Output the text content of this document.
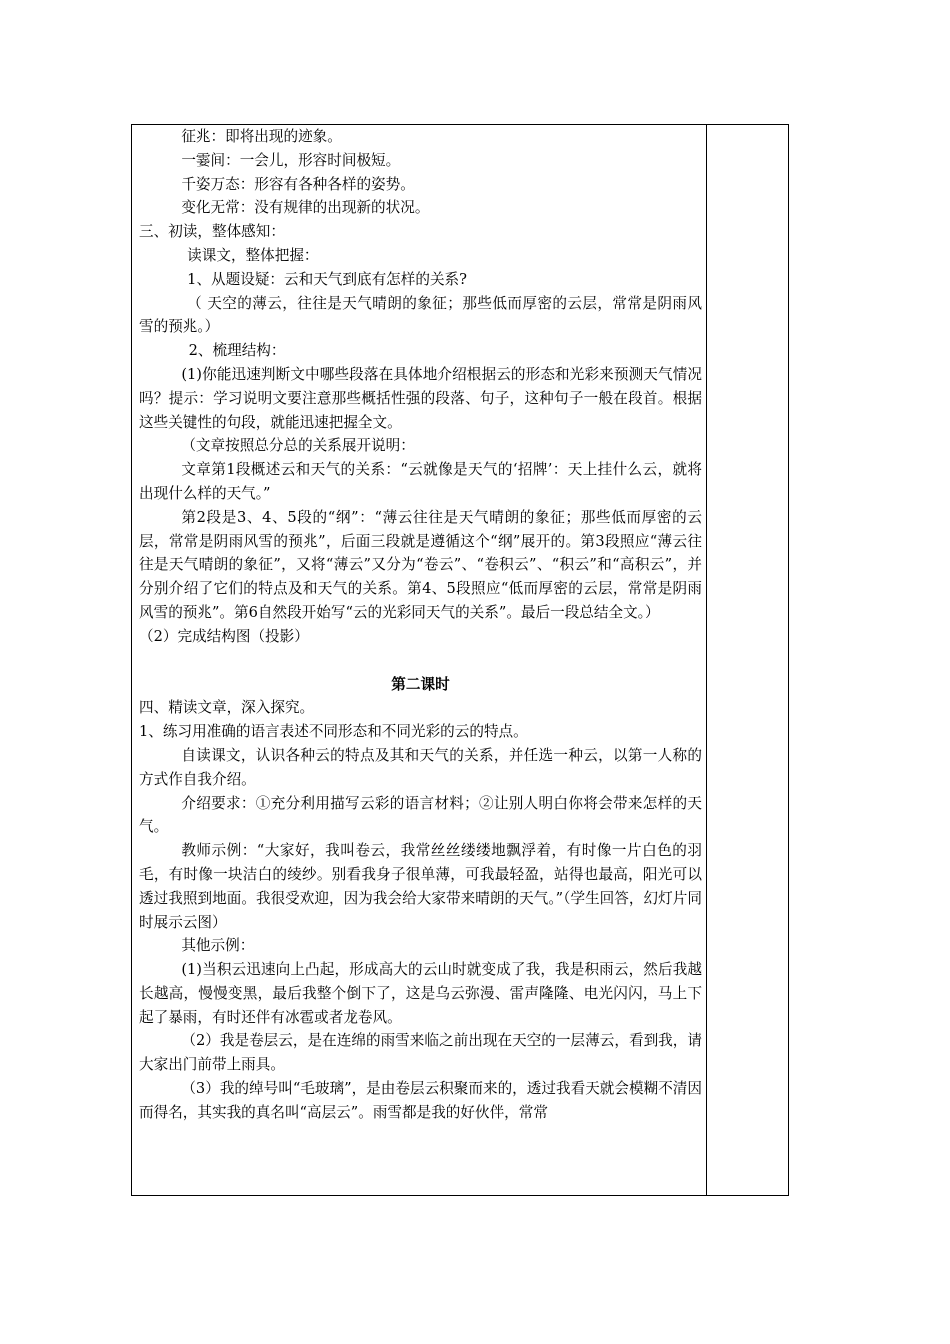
征兆：即将出现的迹象。

一霎间：一会儿，形容时间极短。

千姿万态：形容有各种各样的姿势。

变化无常：没有规律的出现新的状况。

三、初读，整体感知：

读课文，整体把握：

1、从题设疑：云和天气到底有怎样的关系?

（ 天空的薄云，往往是天气晴朗的象征；那些低而厚密的云层，常常是阴雨风雪的预兆。）

2、梳理结构：

(1)你能迅速判断文中哪些段落在具体地介绍根据云的形态和光彩来预测天气情况吗？提示：学习说明文要注意那些概括性强的段落、句子，这种句子一般在段首。根据这些关键性的句段，就能迅速把握全文。

（文章按照总分总的关系展开说明：

文章第1段概述云和天气的关系：“云就像是天气的‘招牌’：天上挂什么云，就将出现什么样的天气。”

第2段是3、4、5段的“纲”：“薄云往往是天气晴朗的象征；那些低而厚密的云层，常常是阴雨风雪的预兆”，后面三段就是遵循这个“纲”展开的。第3段照应“薄云往往是天气晴朗的象征”，又将“薄云”又分为“卷云”、“卷积云”、“积云”和“高积云”，并分别介绍了它们的特点及和天气的关系。第4、5段照应“低而厚密的云层，常常是阴雨风雪的预兆”。第6自然段开始写“云的光彩同天气的关系”。最后一段总结全文。）

（2）完成结构图（投影）

第二课时

四、精读文章，深入探究。

1、练习用准确的语言表述不同形态和不同光彩的云的特点。

自读课文，认识各种云的特点及其和天气的关系，并任选一种云，以第一人称的方式作自我介绍。

介绍要求：①充分利用描写云彩的语言材料；②让别人明白你将会带来怎样的天气。

教师示例：“大家好，我叫卷云，我常丝丝缕缕地飘浮着，有时像一片白色的羽毛，有时像一块洁白的绫纱。别看我身子很单薄，可我最轻盈，站得也最高，阳光可以透过我照到地面。我很受欢迎，因为我会给大家带来晴朗的天气。”（学生回答，幻灯片同时展示云图）

其他示例：

(1)当积云迅速向上凸起，形成高大的云山时就变成了我，我是积雨云，然后我越长越高，慢慢变黑，最后我整个倒下了，这是乌云弥漫、雷声隆隆、电光闪闪，马上下起了暴雨，有时还伴有冰雹或者龙卷风。

（2）我是卷层云，是在连绵的雨雪来临之前出现在天空的一层薄云，看到我，请大家出门前带上雨具。

（3）我的绰号叫“毛玻璃”，是由卷层云积聚而来的，透过我看天就会模糊不清因而得名，其实我的真名叫“高层云”。雨雪都是我的好伙伴，常常
